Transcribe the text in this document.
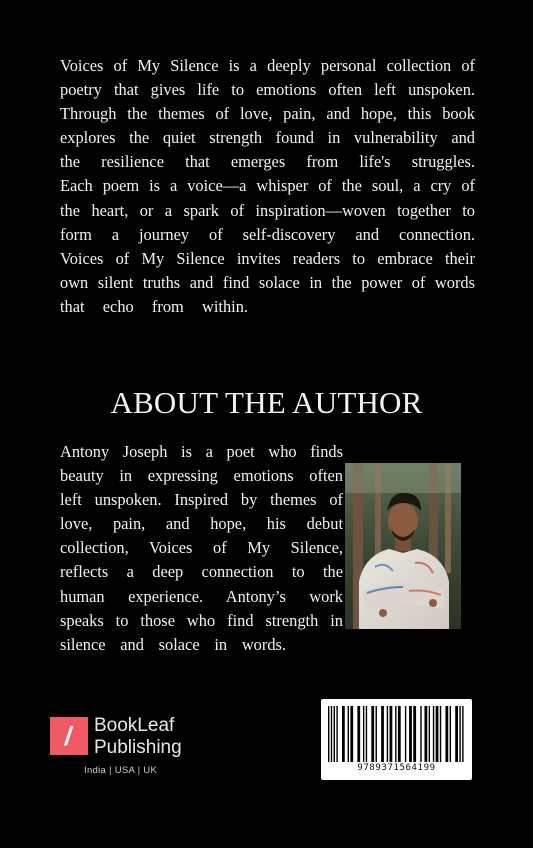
Voices of My Silence is a deeply personal collection of

poetry that gives life to emotions often left unspoken.

Through the themes of love, pain, and hope, this book

explores the quiet strength found in vulnerability and

the resilience that emerges from life's struggles.

Each poem is a voice—a whisper of the soul, a cry of

the heart, or a spark of inspiration—woven together to

form a journey of self-discovery and connection.

Voices of My Silence invites readers to embrace their

own silent truths and find solace in the power of words

that echo from within.

ABOUT THE AUTHOR

Antony Joseph is a poet who finds

beauty in expressing emotions often

left unspoken. Inspired by themes of

love, pain, and hope, his debut

collection, Voices of My Silence,

reflects a deep connection to the

human experience. Antony’s work

speaks to those who find strength in

silence and solace in words.

/ BookLeaf
Publishing
India | USA | UK	9789371564199
